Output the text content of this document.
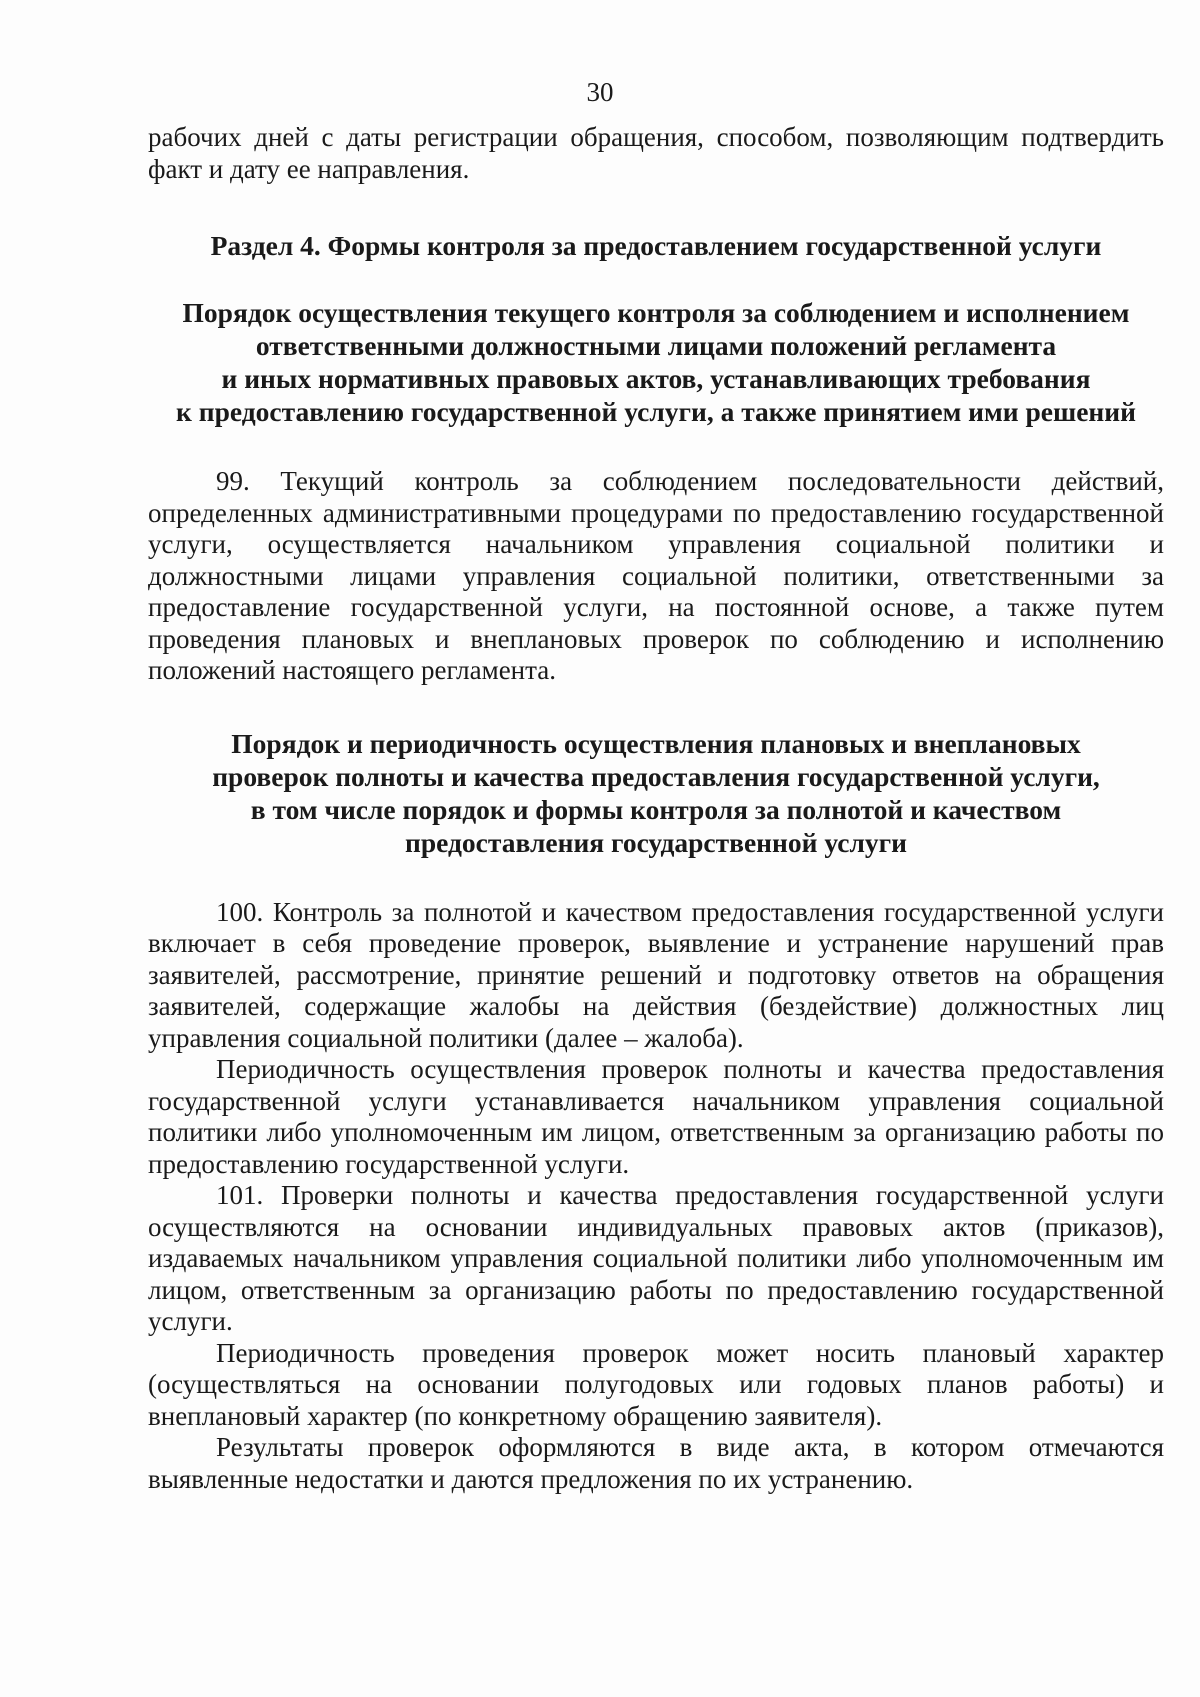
30

рабочих дней с даты регистрации обращения, способом, позволяющим подтвердить факт и дату ее направления.

Раздел 4. Формы контроля за предоставлением государственной услуги

Порядок осуществления текущего контроля за соблюдением и исполнением
ответственными должностными лицами положений регламента
и иных нормативных правовых актов, устанавливающих требования
к предоставлению государственной услуги, а также принятием ими решений

99. Текущий контроль за соблюдением последовательности действий, определенных административными процедурами по предоставлению государственной услуги, осуществляется начальником управления социальной политики и должностными лицами управления социальной политики, ответственными за предоставление государственной услуги, на постоянной основе, а также путем проведения плановых и внеплановых проверок по соблюдению и исполнению положений настоящего регламента.

Порядок и периодичность осуществления плановых и внеплановых
проверок полноты и качества предоставления государственной услуги,
в том числе порядок и формы контроля за полнотой и качеством
предоставления государственной услуги

100. Контроль за полнотой и качеством предоставления государственной услуги включает в себя проведение проверок, выявление и устранение нарушений прав заявителей, рассмотрение, принятие решений и подготовку ответов на обращения заявителей, содержащие жалобы на действия (бездействие) должностных лиц управления социальной политики (далее – жалоба).

Периодичность осуществления проверок полноты и качества предоставления государственной услуги устанавливается начальником управления социальной политики либо уполномоченным им лицом, ответственным за организацию работы по предоставлению государственной услуги.

101. Проверки полноты и качества предоставления государственной услуги осуществляются на основании индивидуальных правовых актов (приказов), издаваемых начальником управления социальной политики либо уполномоченным им лицом, ответственным за организацию работы по предоставлению государственной услуги.

Периодичность проведения проверок может носить плановый характер (осуществляться на основании полугодовых или годовых планов работы) и внеплановый характер (по конкретному обращению заявителя).

Результаты проверок оформляются в виде акта, в котором отмечаются выявленные недостатки и даются предложения по их устранению.
